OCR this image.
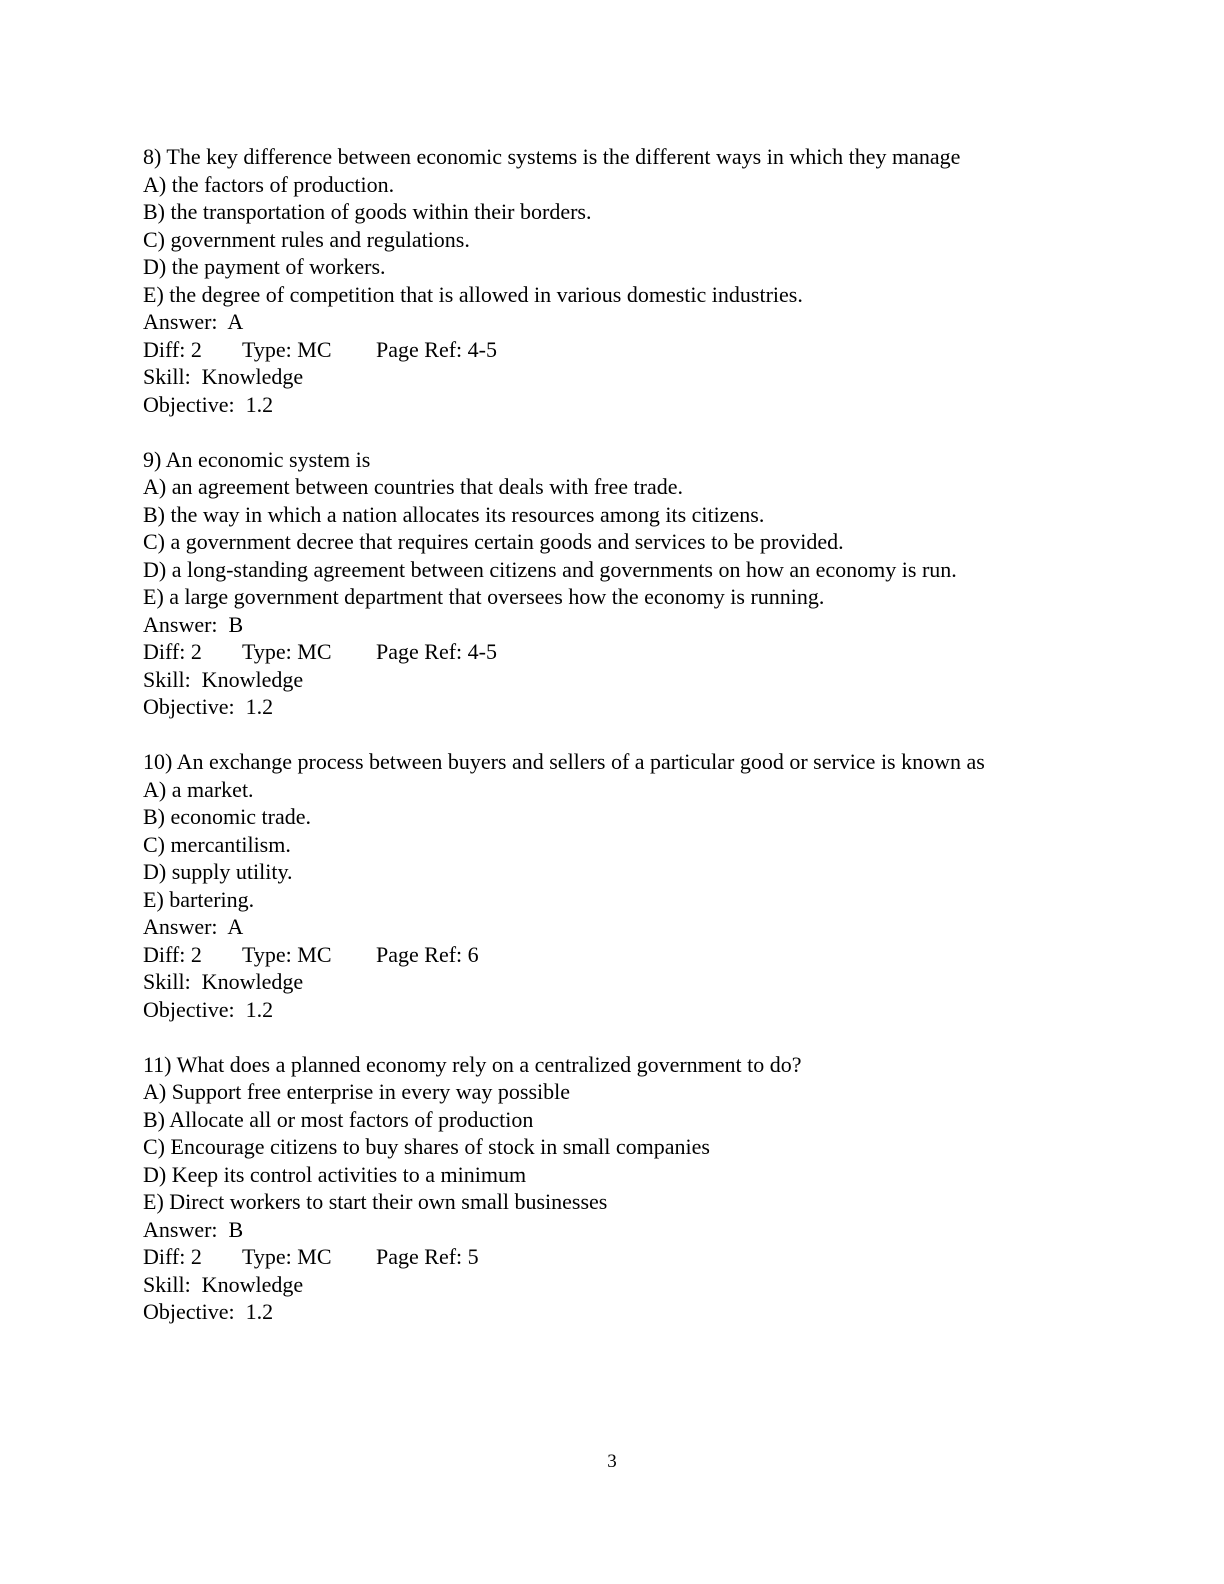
8) The key difference between economic systems is the different ways in which they manage
A) the factors of production.
B) the transportation of goods within their borders.
C) government rules and regulations.
D) the payment of workers.
E) the degree of competition that is allowed in various domestic industries.
Answer:  A
Diff: 2 Type: MC Page Ref: 4-5
Skill:  Knowledge
Objective:  1.2
9) An economic system is
A) an agreement between countries that deals with free trade.
B) the way in which a nation allocates its resources among its citizens.
C) a government decree that requires certain goods and services to be provided.
D) a long-standing agreement between citizens and governments on how an economy is run.
E) a large government department that oversees how the economy is running.
Answer:  B
Diff: 2 Type: MC Page Ref: 4-5
Skill:  Knowledge
Objective:  1.2
10) An exchange process between buyers and sellers of a particular good or service is known as
A) a market.
B) economic trade.
C) mercantilism.
D) supply utility.
E) bartering.
Answer:  A
Diff: 2 Type: MC Page Ref: 6
Skill:  Knowledge
Objective:  1.2
11) What does a planned economy rely on a centralized government to do?
A) Support free enterprise in every way possible
B) Allocate all or most factors of production
C) Encourage citizens to buy shares of stock in small companies
D) Keep its control activities to a minimum
E) Direct workers to start their own small businesses
Answer:  B
Diff: 2 Type: MC Page Ref: 5
Skill:  Knowledge
Objective:  1.2
3
